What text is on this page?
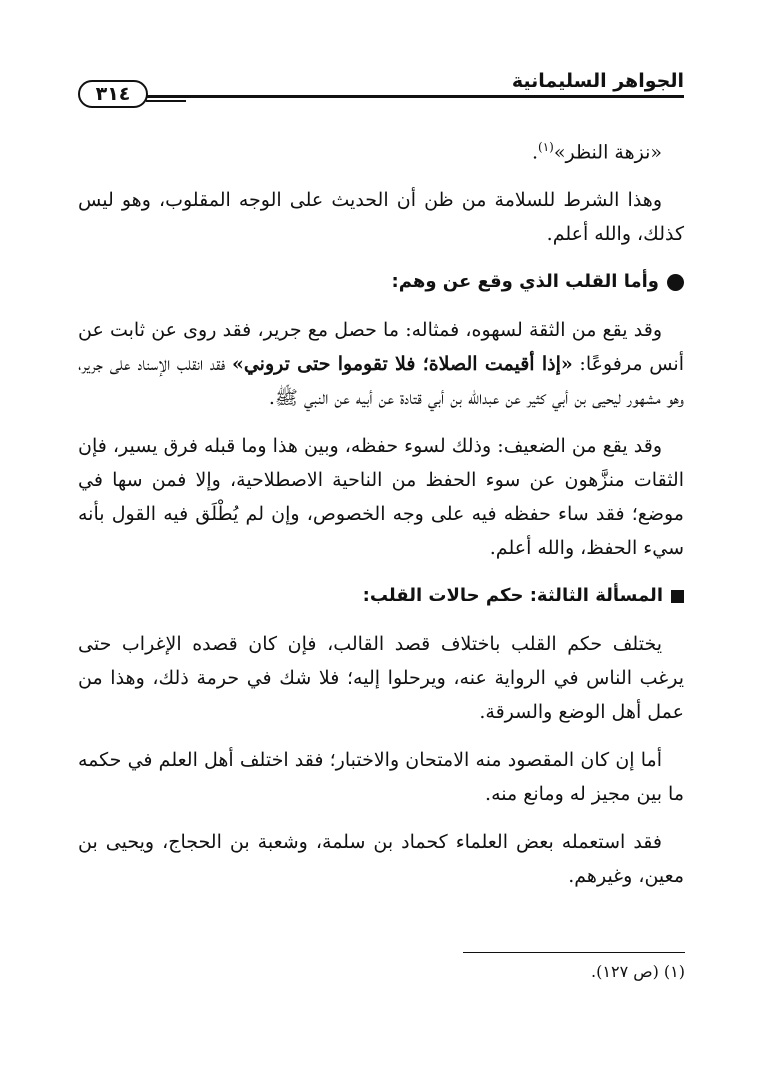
الجواهر السليمانية
٣١٤

«نزهة النظر»$^{(١)}$.

وهذا الشرط للسلامة من ظن أن الحديث على الوجه المقلوب، وهو ليس كذلك، والله أعلم.

وأما القلب الذي وقع عن وهم:

وقد يقع من الثقة لسهوه، فمثاله: ما حصل مع جرير، فقد روى عن ثابت عن أنس مرفوعًا: «إذا أقيمت الصلاة؛ فلا تقوموا حتى تروني» فقد انقلب الإسناد على جرير، وهو مشهور ليحيى بن أبي كثير عن عبدالله بن أبي قتادة عن أبيه عن النبي ﷺ.

وقد يقع من الضعيف: وذلك لسوء حفظه، وبين هذا وما قبله فرق يسير، فإن الثقات منزَّهون عن سوء الحفظ من الناحية الاصطلاحية، وإلا فمن سها في موضع؛ فقد ساء حفظه فيه على وجه الخصوص، وإن لم يُطْلَق فيه القول بأنه سيء الحفظ، والله أعلم.

المسألة الثالثة: حكم حالات القلب:

يختلف حكم القلب باختلاف قصد القالب، فإن كان قصده الإغراب حتى يرغب الناس في الرواية عنه، ويرحلوا إليه؛ فلا شك في حرمة ذلك، وهذا من عمل أهل الوضع والسرقة.

أما إن كان المقصود منه الامتحان والاختبار؛ فقد اختلف أهل العلم في حكمه ما بين مجيز له ومانع منه.

فقد استعمله بعض العلماء كحماد بن سلمة، وشعبة بن الحجاج، ويحيى بن معين، وغيرهم.

(١) (ص ١٢٧).
